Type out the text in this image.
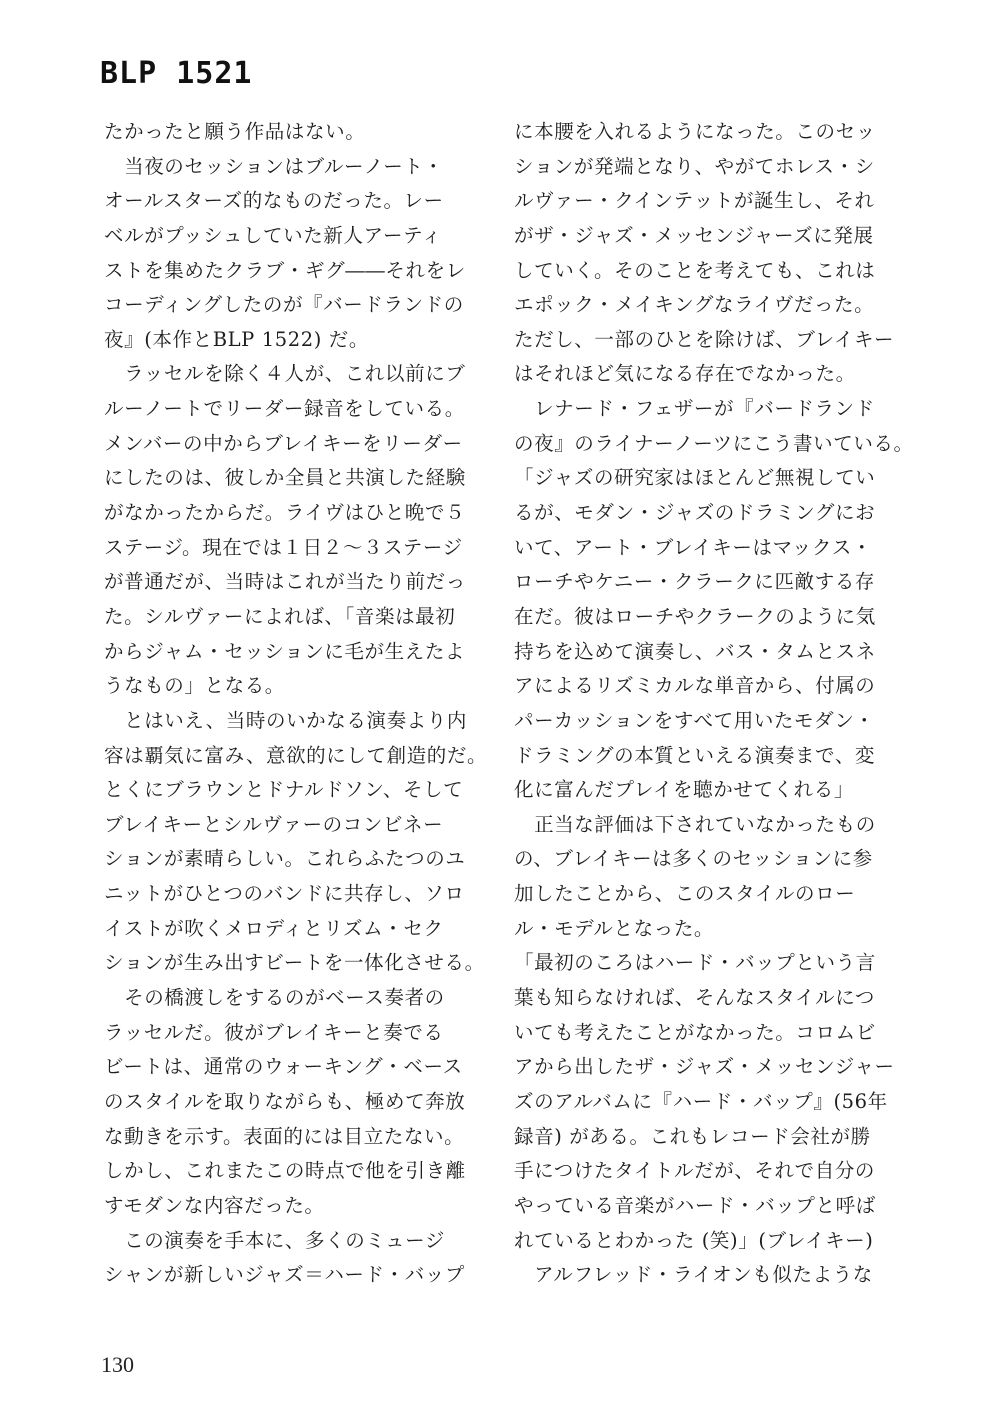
BLP 1521
たかったと願う作品はない。
　当夜のセッションはブルーノート・
オールスターズ的なものだった。レー
ベルがプッシュしていた新人アーティ
ストを集めたクラブ・ギグ――それをレ
コーディングしたのが『バードランドの
夜』(本作とBLP 1522) だ。
　ラッセルを除く４人が、これ以前にブ
ルーノートでリーダー録音をしている。
メンバーの中からブレイキーをリーダー
にしたのは、彼しか全員と共演した経験
がなかったからだ。ライヴはひと晩で５
ステージ。現在では１日２〜３ステージ
が普通だが、当時はこれが当たり前だっ
た。シルヴァーによれば、「音楽は最初
からジャム・セッションに毛が生えたよ
うなもの」となる。
　とはいえ、当時のいかなる演奏より内
容は覇気に富み、意欲的にして創造的だ。
とくにブラウンとドナルドソン、そして
ブレイキーとシルヴァーのコンビネー
ションが素晴らしい。これらふたつのユ
ニットがひとつのバンドに共存し、ソロ
イストが吹くメロディとリズム・セク
ションが生み出すビートを一体化させる。
　その橋渡しをするのがベース奏者の
ラッセルだ。彼がブレイキーと奏でる
ビートは、通常のウォーキング・ベース
のスタイルを取りながらも、極めて奔放
な動きを示す。表面的には目立たない。
しかし、これまたこの時点で他を引き離
すモダンな内容だった。
　この演奏を手本に、多くのミュージ
シャンが新しいジャズ＝ハード・バップ
に本腰を入れるようになった。このセッ
ションが発端となり、やがてホレス・シ
ルヴァー・クインテットが誕生し、それ
がザ・ジャズ・メッセンジャーズに発展
していく。そのことを考えても、これは
エポック・メイキングなライヴだった。
ただし、一部のひとを除けば、ブレイキー
はそれほど気になる存在でなかった。
　レナード・フェザーが『バードランド
の夜』のライナーノーツにこう書いている。
「ジャズの研究家はほとんど無視してい
るが、モダン・ジャズのドラミングにお
いて、アート・ブレイキーはマックス・
ローチやケニー・クラークに匹敵する存
在だ。彼はローチやクラークのように気
持ちを込めて演奏し、バス・タムとスネ
アによるリズミカルな単音から、付属の
パーカッションをすべて用いたモダン・
ドラミングの本質といえる演奏まで、変
化に富んだプレイを聴かせてくれる」
　正当な評価は下されていなかったもの
の、ブレイキーは多くのセッションに参
加したことから、このスタイルのロー
ル・モデルとなった。
「最初のころはハード・バップという言
葉も知らなければ、そんなスタイルにつ
いても考えたことがなかった。コロムビ
アから出したザ・ジャズ・メッセンジャー
ズのアルバムに『ハード・バップ』(56年
録音) がある。これもレコード会社が勝
手につけたタイトルだが、それで自分の
やっている音楽がハード・バップと呼ば
れているとわかった (笑)」(ブレイキー)
　アルフレッド・ライオンも似たような
130
